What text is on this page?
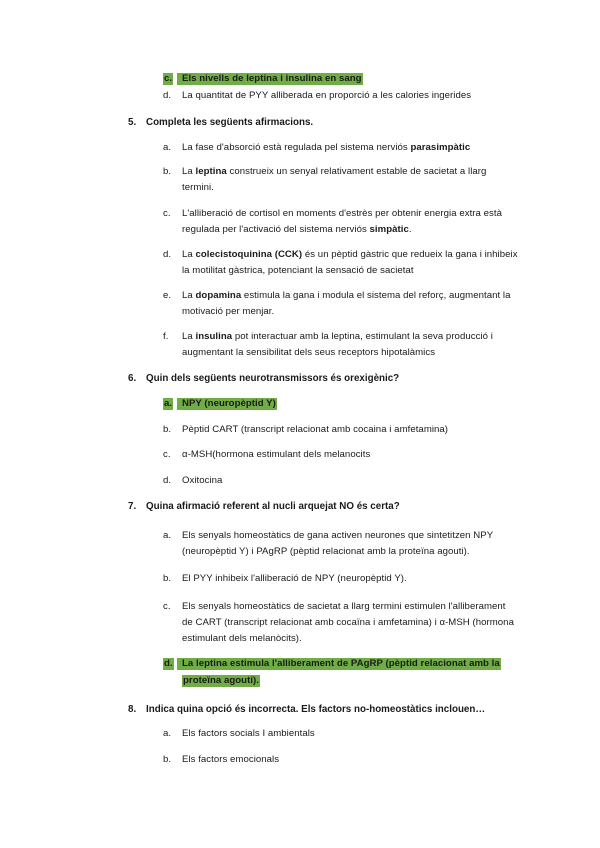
c.	Els nivells de leptina i insulina en sang
d. La quantitat de PYY alliberada en proporció a les calories ingerides
5. Completa les següents afirmacions.
a. La fase d'absorció està regulada pel sistema nerviós parasimpàtic
b. La leptina construeix un senyal relativament estable de sacietat a llarg
termini.
c. L'alliberació de cortisol en moments d'estrès per obtenir energia extra està
regulada per l'activació del sistema nerviós simpàtic.
d. La colecistoquinina (CCK) és un pèptid gàstric que redueix la gana i inhibeix
la motilitat gàstrica, potenciant la sensació de sacietat
e. La dopamina estimula la gana i modula el sistema del reforç, augmentant la
motivació per menjar.
f. La insulina pot interactuar amb la leptina, estimulant la seva producció i
augmentant la sensibilitat dels seus receptors hipotalàmics
6. Quin dels següents neurotransmissors és orexigènic?
a.	NPY (neuropèptid Y)
b. Pèptid CART (transcript relacionat amb cocaina i amfetamina)
c. α-MSH(hormona estimulant dels melanocits
d. Oxitocina
7. Quina afirmació referent al nucli arquejat NO és certa?
a. Els senyals homeostàtics de gana activen neurones que sintetitzen NPY
(neuropèptid Y) i PAgRP (pèptid relacionat amb la proteïna agouti).
b. El PYY inhibeix l'alliberació de NPY (neuropèptid Y).
c. Els senyals homeostàtics de sacietat a llarg termini estimulen l'alliberament
de CART (transcript relacionat amb cocaïna i amfetamina) i α-MSH (hormona
estimulant dels melanòcits).
d. La leptina estimula l'alliberament de PAgRP (pèptid relacionat amb la
proteïna agouti).
8. Indica quina opció és incorrecta. Els factors no-homeostàtics inclouen…
a. Els factors socials I ambientals
b. Els factors emocionals
